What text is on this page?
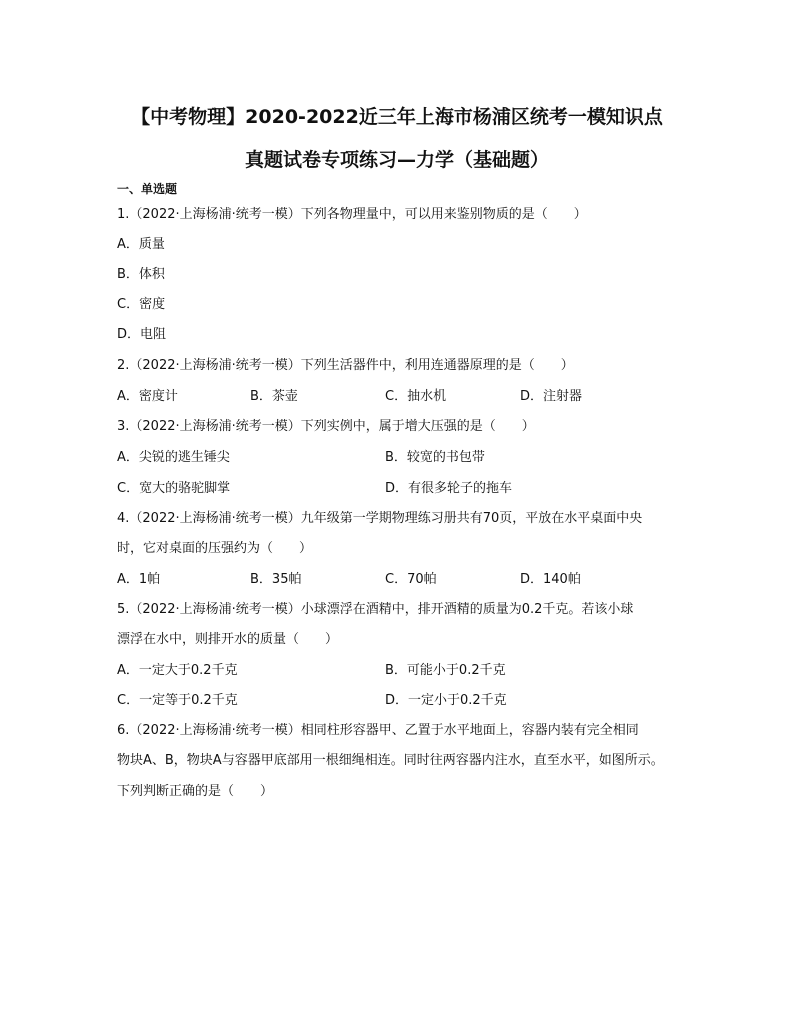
【中考物理】2020-2022近三年上海市杨浦区统考一模知识点
真题试卷专项练习—力学（基础题）
一、单选题
1.（2022·上海杨浦·统考一模）下列各物理量中，可以用来鉴别物质的是（　　）
A．质量
B．体积
C．密度
D．电阻
2.（2022·上海杨浦·统考一模）下列生活器件中，利用连通器原理的是（　　）
A．密度计	B．茶壶	C．抽水机	D．注射器
3.（2022·上海杨浦·统考一模）下列实例中，属于增大压强的是（　　）
A．尖锐的逃生锤尖	B．较宽的书包带
C．宽大的骆驼脚掌	D．有很多轮子的拖车
4.（2022·上海杨浦·统考一模）九年级第一学期物理练习册共有70页，平放在水平桌面中央
时，它对桌面的压强约为（　　）
A．1帕	B．35帕	C．70帕	D．140帕
5.（2022·上海杨浦·统考一模）小球漂浮在酒精中，排开酒精的质量为0.2千克。若该小球
漂浮在水中，则排开水的质量（　　）
A．一定大于0.2千克	B．可能小于0.2千克
C．一定等于0.2千克	D．一定小于0.2千克
6.（2022·上海杨浦·统考一模）相同柱形容器甲、乙置于水平地面上，容器内装有完全相同
物块A、B，物块A与容器甲底部用一根细绳相连。同时往两容器内注水，直至水平，如图所示。
下列判断正确的是（　　）
